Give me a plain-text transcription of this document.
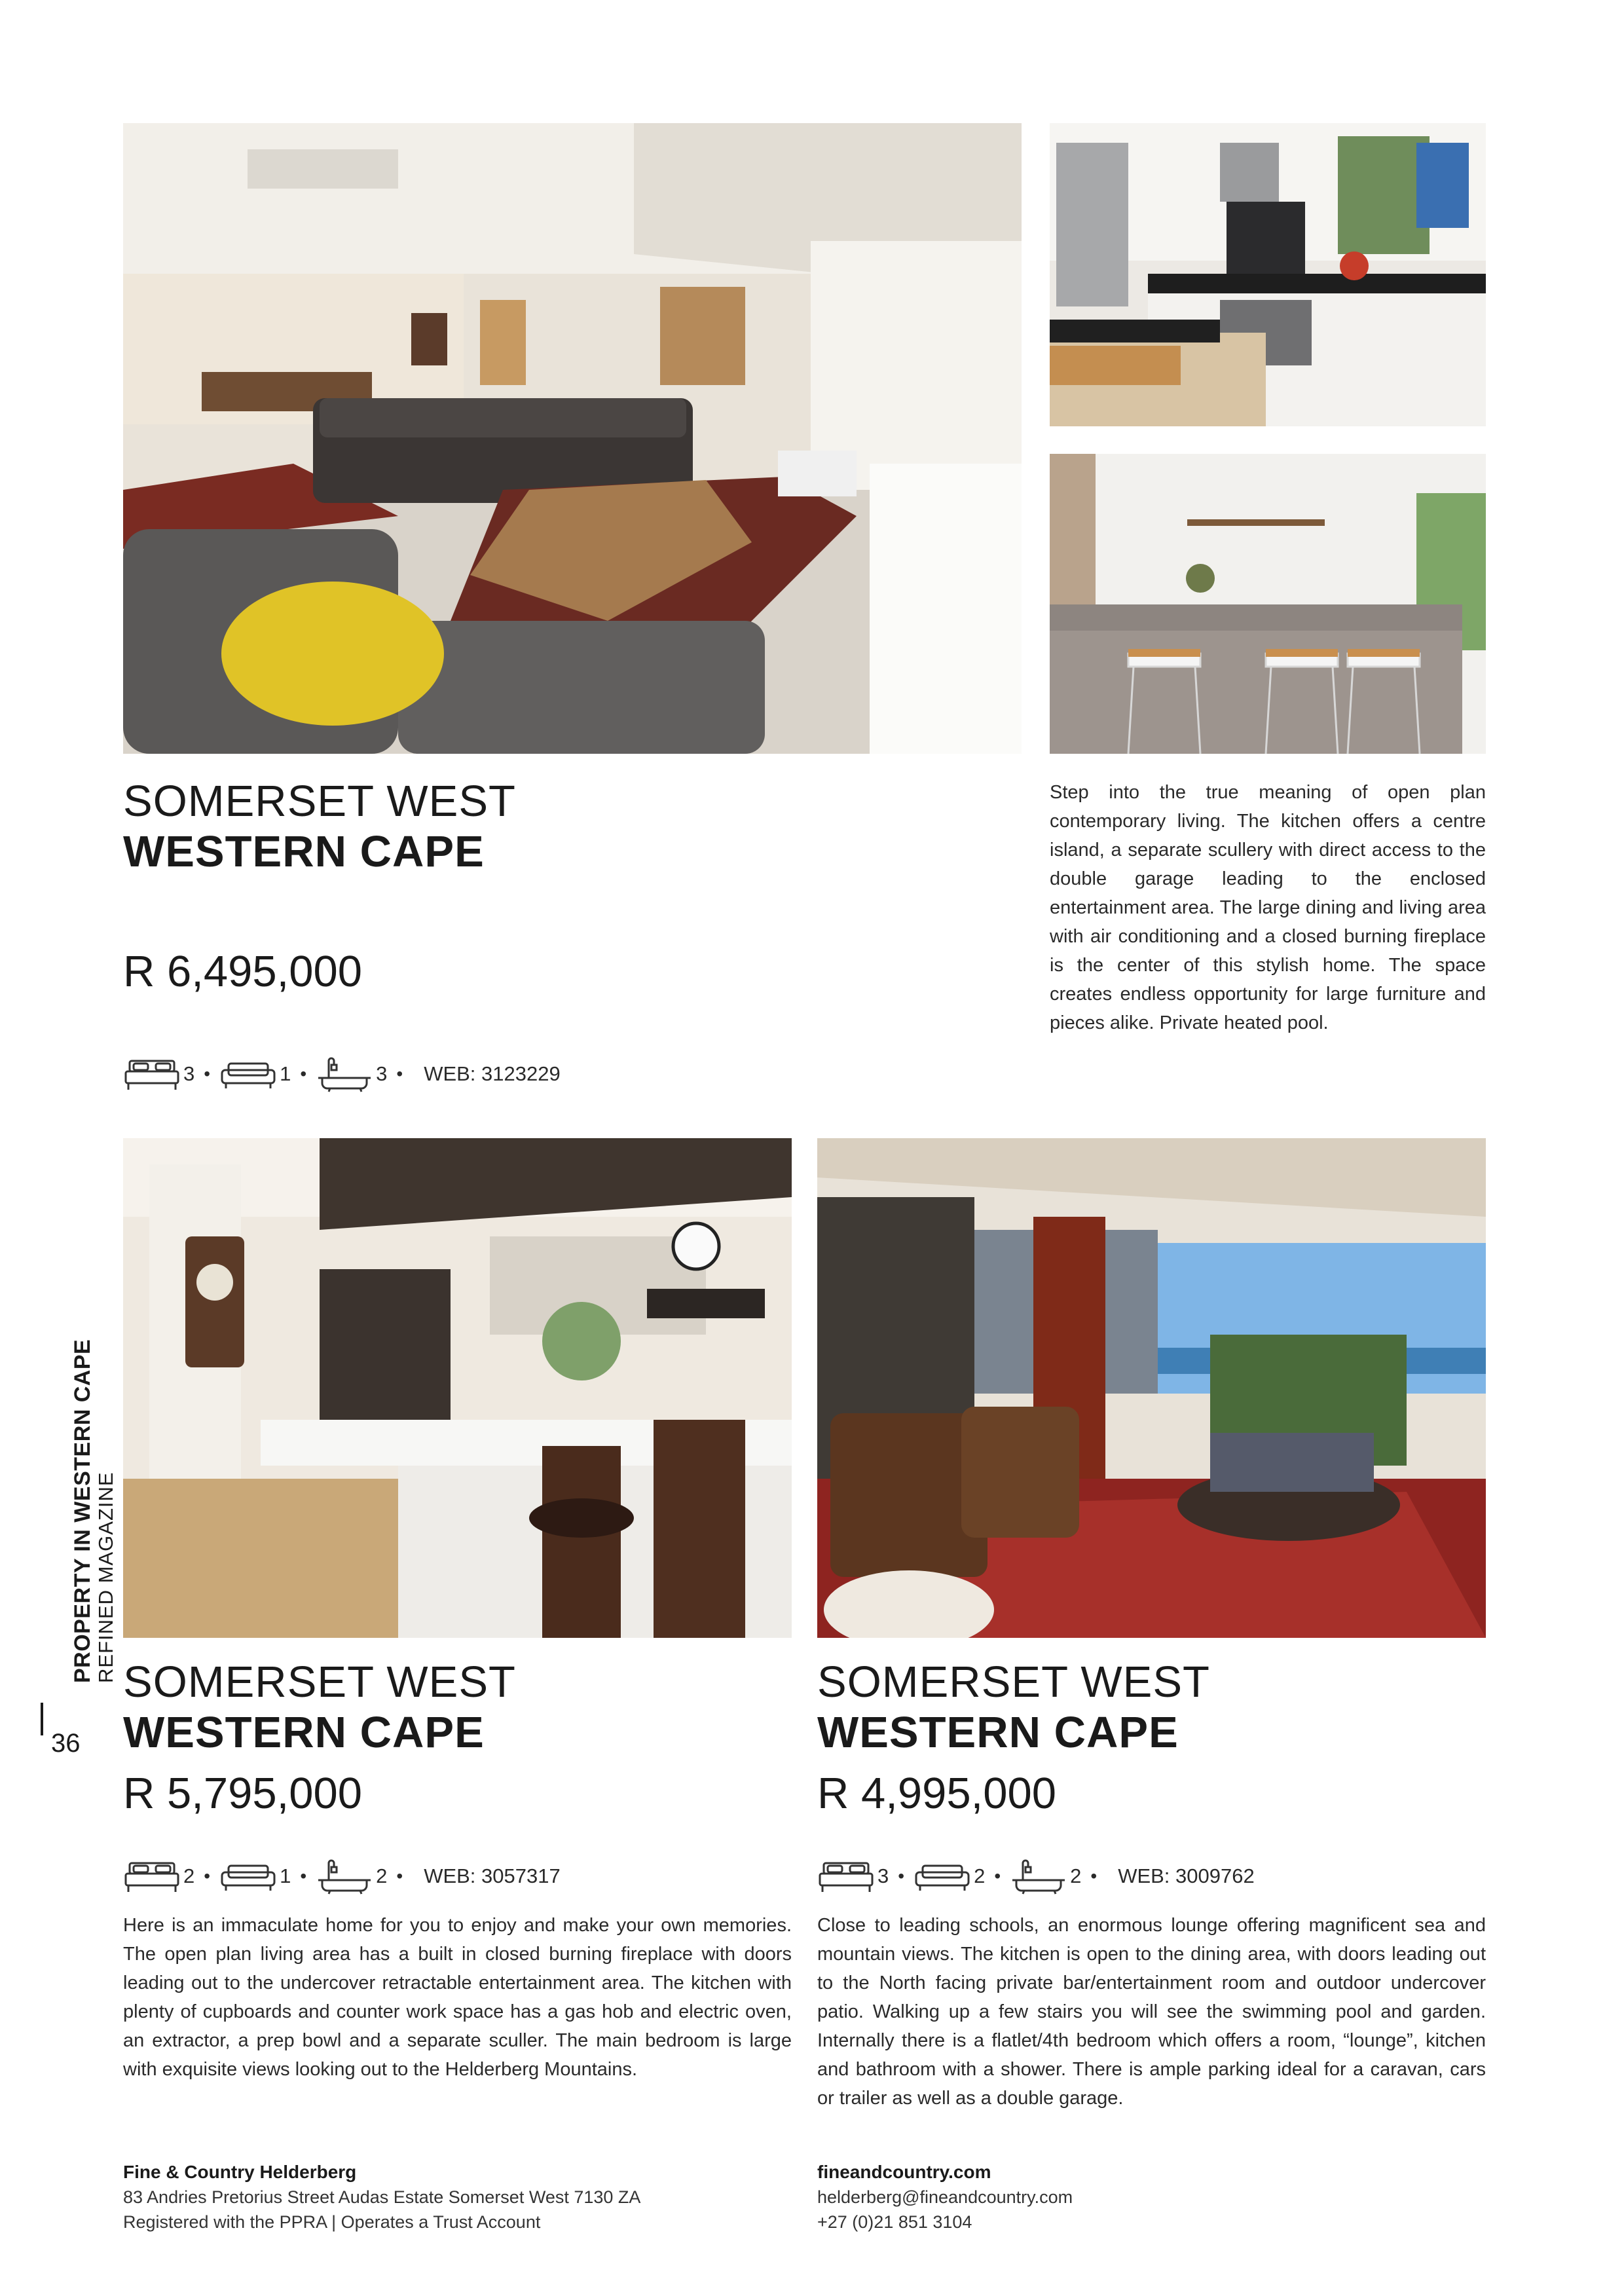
SOMERSET WEST
WESTERN CAPE
R 6,495,000
3 •	1 •	3 • WEB: 3123229
Step into the true meaning of open plan contemporary living. The kitchen offers a centre island, a separate scullery with direct access to the double garage leading to the enclosed entertainment area. The large dining and living area with air conditioning and a closed burning fireplace is the center of this stylish home. The space creates endless opportunity for large furniture and pieces alike. Private heated pool.
SOMERSET WEST
WESTERN CAPE
R 5,795,000
2 •	1 •	2 • WEB: 3057317
Here is an immaculate home for you to enjoy and make your own memories. The open plan living area has a built in closed burning fireplace with doors leading out to the undercover retractable entertainment area. The kitchen with plenty of cupboards and counter work space has a gas hob and electric oven, an extractor, a prep bowl and a separate sculler. The main bedroom is large with exquisite views looking out to the Helderberg Mountains.
SOMERSET WEST
WESTERN CAPE
R 4,995,000
3 •	2 •	2 • WEB: 3009762
Close to leading schools, an enormous lounge offering magnificent sea and mountain views. The kitchen is open to the dining area, with doors leading out to the North facing private bar/entertainment room and outdoor undercover patio. Walking up a few stairs you will see the swimming pool and garden. Internally there is a flatlet/4th bedroom which offers a room, “lounge”, kitchen and bathroom with a shower. There is ample parking ideal for a caravan, cars or trailer as well as a double garage.
PROPERTY IN WESTERN CAPE REFINED MAGAZINE
36
Fine & Country Helderberg
83 Andries Pretorius Street Audas Estate Somerset West 7130 ZA
Registered with the PPRA | Operates a Trust Account
fineandcountry.com
helderberg@fineandcountry.com
+27 (0)21 851 3104
